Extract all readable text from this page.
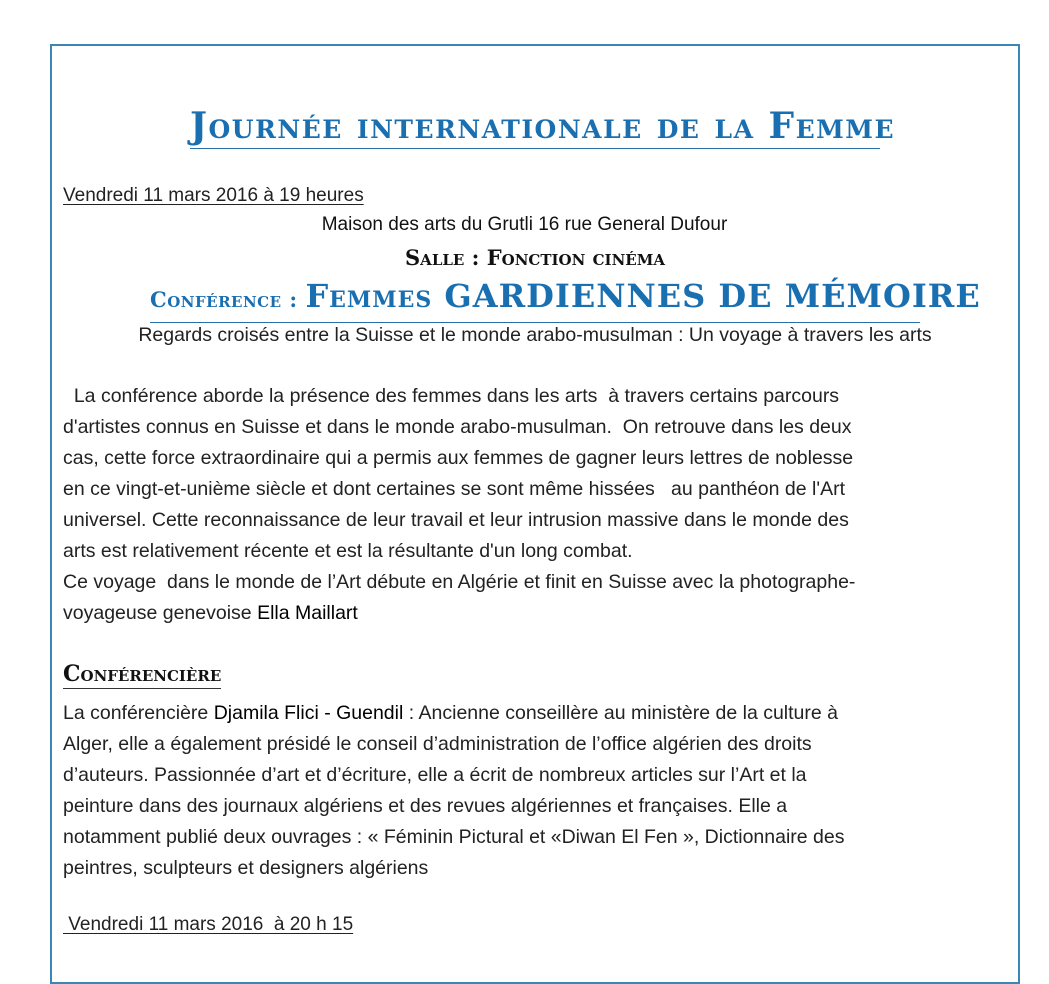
Journée internationale de la Femme
Vendredi 11 mars 2016 à 19 heures
Maison des arts du Grutli 16 rue General Dufour
Salle : Fonction cinéma
Conférence : Femmes GARDIENNES DE MÉMOIRE
Regards croisés entre la Suisse et le monde arabo-musulman : Un voyage à travers les arts
La conférence aborde la présence des femmes dans les arts  à travers certains parcours
d'artistes connus en Suisse et dans le monde arabo-musulman.  On retrouve dans les deux
cas, cette force extraordinaire qui a permis aux femmes de gagner leurs lettres de noblesse
en ce vingt-et-unième siècle et dont certaines se sont même hissées   au panthéon de l'Art
universel. Cette reconnaissance de leur travail et leur intrusion massive dans le monde des
arts est relativement récente et est la résultante d'un long combat.
Ce voyage  dans le monde de l’Art débute en Algérie et finit en Suisse avec la photographe-
voyageuse genevoise Ella Maillart
Conférencière
La conférencière Djamila Flici - Guendil : Ancienne conseillère au ministère de la culture à
Alger, elle a également présidé le conseil d’administration de l’office algérien des droits
d’auteurs. Passionnée d’art et d’écriture, elle a écrit de nombreux articles sur l’Art et la
peinture dans des journaux algériens et des revues algériennes et françaises. Elle a
notamment publié deux ouvrages : « Féminin Pictural et «Diwan El Fen », Dictionnaire des
peintres, sculpteurs et designers algériens
Vendredi 11 mars 2016  à 20 h 15
